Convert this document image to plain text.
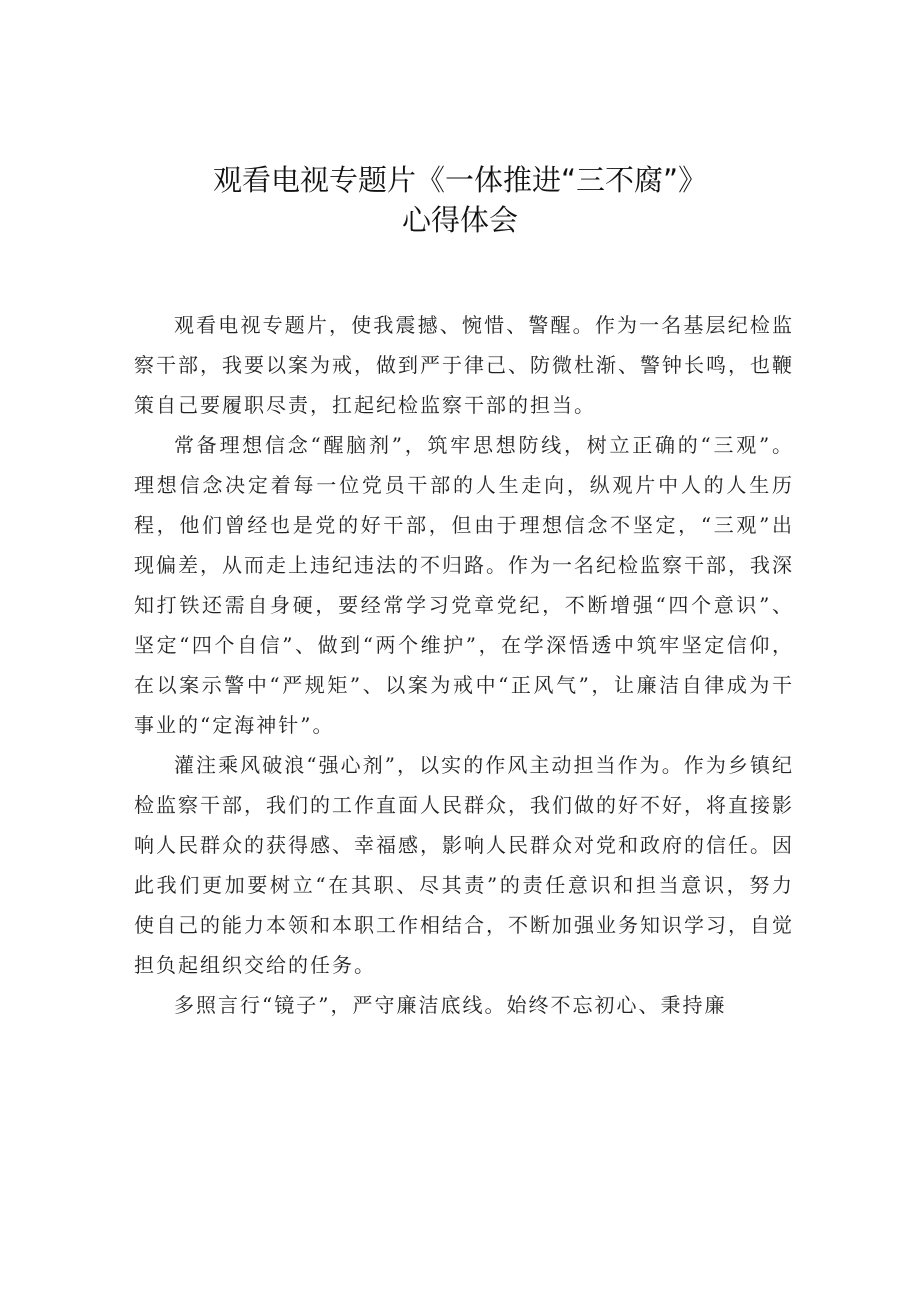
观看电视专题片《一体推进“三不腐”》
心得体会

观看电视专题片，使我震撼、惋惜、警醒。作为一名基层纪检监察干部，我要以案为戒，做到严于律己、防微杜渐、警钟长鸣，也鞭策自己要履职尽责，扛起纪检监察干部的担当。

常备理想信念“醒脑剂”，筑牢思想防线，树立正确的“三观”。理想信念决定着每一位党员干部的人生走向，纵观片中人的人生历程，他们曾经也是党的好干部，但由于理想信念不坚定，“三观”出现偏差，从而走上违纪违法的不归路。作为一名纪检监察干部，我深知打铁还需自身硬，要经常学习党章党纪，不断增强“四个意识”、坚定“四个自信”、做到“两个维护”，在学深悟透中筑牢坚定信仰，在以案示警中“严规矩”、以案为戒中“正风气”，让廉洁自律成为干事业的“定海神针”。

灌注乘风破浪“强心剂”，以实的作风主动担当作为。作为乡镇纪检监察干部，我们的工作直面人民群众，我们做的好不好，将直接影响人民群众的获得感、幸福感，影响人民群众对党和政府的信任。因此我们更加要树立“在其职、尽其责”的责任意识和担当意识，努力使自己的能力本领和本职工作相结合，不断加强业务知识学习，自觉担负起组织交给的任务。

多照言行“镜子”，严守廉洁底线。始终不忘初心、秉持廉
